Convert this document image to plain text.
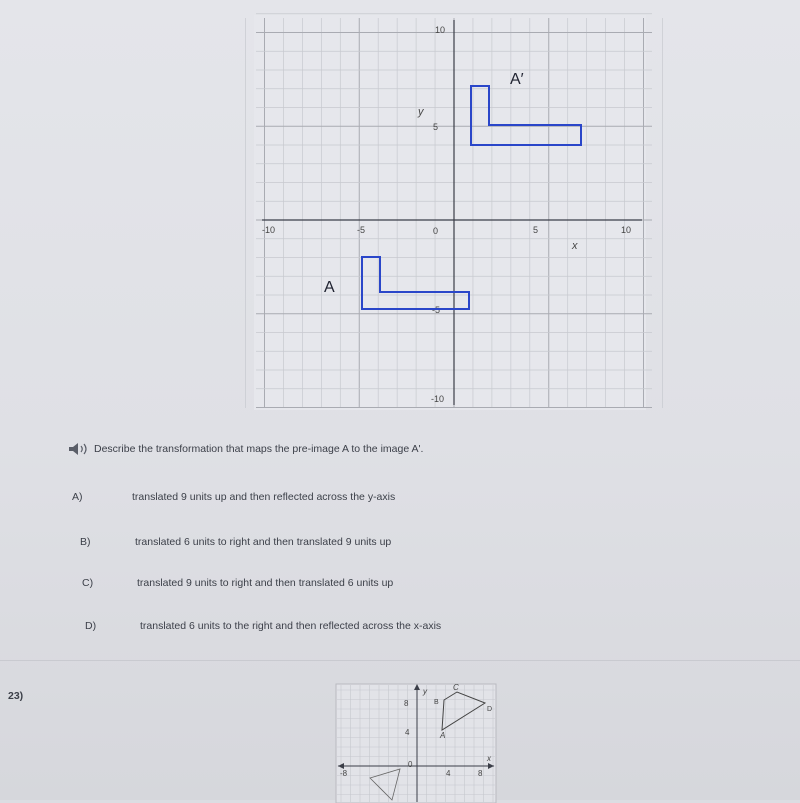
-10	-5	0	5	10
10
5
-5
-10
x
y
A
A′
Describe the transformation that maps the pre-image A to the image A'.
A)	translated 9 units up and then reflected across the y-axis
B)	translated 6 units to right and then translated 9 units up
C)	translated 9 units to right and then translated 6 units up
D)	translated 6 units to the right and then reflected across the x-axis
23)	y
x
8
4
-8
0
4	8
B
C
D
A
